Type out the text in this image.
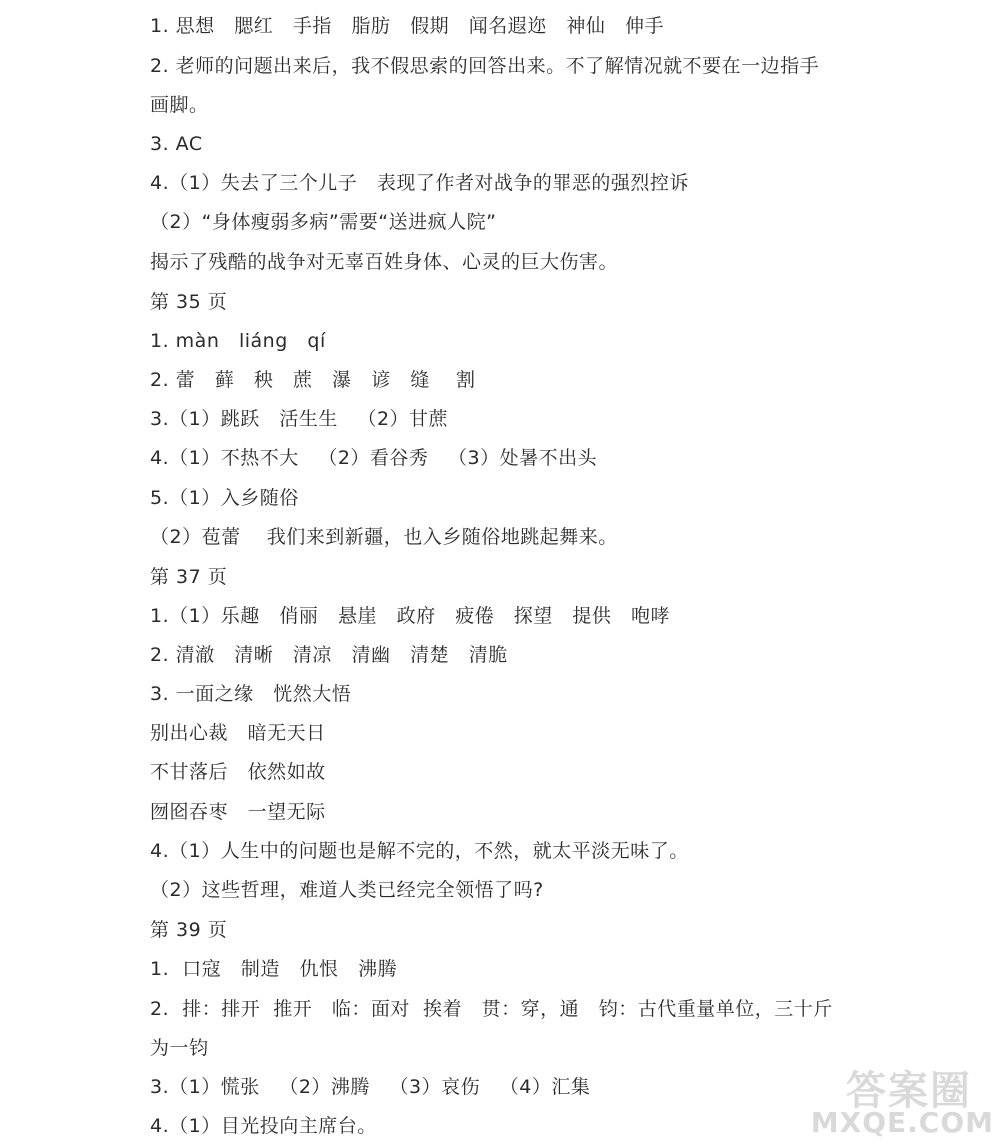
1. 思想   腮红   手指   脂肪   假期   闻名遐迩   神仙   伸手
2. 老师的问题出来后，我不假思索的回答出来。不了解情况就不要在一边指手
画脚。
3. AC
4.（1）失去了三个儿子   表现了作者对战争的罪恶的强烈控诉
（2）“身体瘦弱多病”需要“送进疯人院”
揭示了残酷的战争对无辜百姓身体、心灵的巨大伤害。
第 35 页
1. màn   liáng   qí
2. 蕾   藓   秧   蔗   瀑   谚   缝    割
3.（1）跳跃   活生生   （2）甘蔗
4.（1）不热不大   （2）看谷秀   （3）处暑不出头
5.（1）入乡随俗
（2）苞蕾    我们来到新疆，也入乡随俗地跳起舞来。
第 37 页
1.（1）乐趣   俏丽   悬崖   政府   疲倦   探望   提供   咆哮
2. 清澈   清晰   清凉   清幽   清楚   清脆
3. 一面之缘   恍然大悟
别出心裁   暗无天日
不甘落后   依然如故
囫囵吞枣   一望无际
4.（1）人生中的问题也是解不完的，不然，就太平淡无味了。
（2）这些哲理，难道人类已经完全领悟了吗?
第 39 页
1.  口寇   制造   仇恨   沸腾
2.  排：排开  推开   临：面对  挨着   贯：穿，通   钧：古代重量单位，三十斤
为一钧
3.（1）慌张   （2）沸腾   （3）哀伤   （4）汇集
4.（1）目光投向主席台。
答案圈
MXQE.COM
